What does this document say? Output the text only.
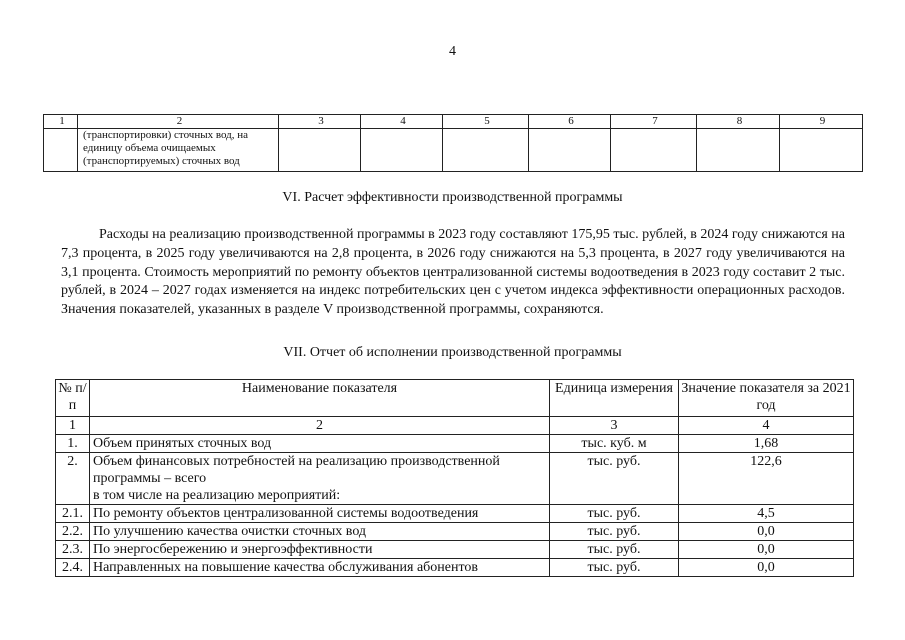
4
1	2	3	4	5	6	7	8	9

	(транспортировки) сточных вод, на
единицу объема очищаемых
(транспортируемых) сточных вод							

VI. Расчет эффективности производственной программы

Расходы на реализацию производственной программы в 2023 году составляют 175,95 тыс. рублей, в 2024 году снижаются на 7,3 процента, в 2025 году увеличиваются на 2,8 процента, в 2026 году снижаются на 5,3 процента, в 2027 году увеличиваются на 3,1 процента. Стоимость мероприятий по ремонту объектов централизованной системы водоотведения в 2023 году составит 2 тыс. рублей, в 2024 – 2027 годах изменяется на индекс потребительских цен с учетом индекса эффективности операционных расходов. Значения показателей, указанных в разделе V производственной программы, сохраняются.

VII. Отчет об исполнении производственной программы
№ п/п	Наименование показателя	Единица измерения	Значение показателя за 2021 год
1	2	3	4
1.	Объем принятых сточных вод	тыс. куб. м	1,68
2.	Объем финансовых потребностей на реализацию производственной программы – всего
в том числе на реализацию мероприятий:	тыс. руб.	122,6
2.1.	По ремонту объектов централизованной системы водоотведения	тыс. руб.	4,5
2.2.	По улучшению качества очистки сточных вод	тыс. руб.	0,0
2.3.	По энергосбережению и энергоэффективности	тыс. руб.	0,0
2.4.	Направленных на повышение качества обслуживания абонентов	тыс. руб.	0,0
